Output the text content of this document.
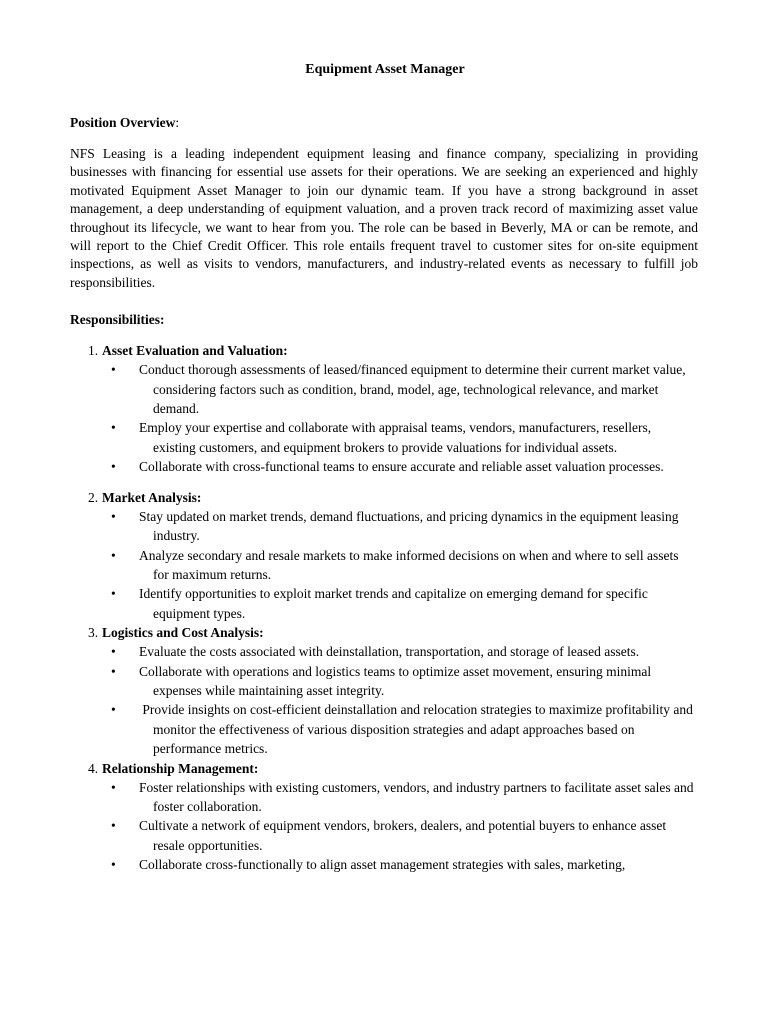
Equipment Asset Manager
Position Overview:
NFS Leasing is a leading independent equipment leasing and finance company, specializing in providing businesses with financing for essential use assets for their operations. We are seeking an experienced and highly motivated Equipment Asset Manager to join our dynamic team. If you have a strong background in asset management, a deep understanding of equipment valuation, and a proven track record of maximizing asset value throughout its lifecycle, we want to hear from you. The role can be based in Beverly, MA or can be remote, and will report to the Chief Credit Officer. This role entails frequent travel to customer sites for on-site equipment inspections, as well as visits to vendors, manufacturers, and industry-related events as necessary to fulfill job responsibilities.
Responsibilities:
1. Asset Evaluation and Valuation:
• Conduct thorough assessments of leased/financed equipment to determine their current market value, considering factors such as condition, brand, model, age, technological relevance, and market demand.
• Employ your expertise and collaborate with appraisal teams, vendors, manufacturers, resellers, existing customers, and equipment brokers to provide valuations for individual assets.
• Collaborate with cross-functional teams to ensure accurate and reliable asset valuation processes.
2. Market Analysis:
• Stay updated on market trends, demand fluctuations, and pricing dynamics in the equipment leasing industry.
• Analyze secondary and resale markets to make informed decisions on when and where to sell assets for maximum returns.
• Identify opportunities to exploit market trends and capitalize on emerging demand for specific equipment types.
3. Logistics and Cost Analysis:
• Evaluate the costs associated with deinstallation, transportation, and storage of leased assets.
• Collaborate with operations and logistics teams to optimize asset movement, ensuring minimal expenses while maintaining asset integrity.
• Provide insights on cost-efficient deinstallation and relocation strategies to maximize profitability and monitor the effectiveness of various disposition strategies and adapt approaches based on performance metrics.
4. Relationship Management:
• Foster relationships with existing customers, vendors, and industry partners to facilitate asset sales and foster collaboration.
• Cultivate a network of equipment vendors, brokers, dealers, and potential buyers to enhance asset resale opportunities.
• Collaborate cross-functionally to align asset management strategies with sales, marketing,
